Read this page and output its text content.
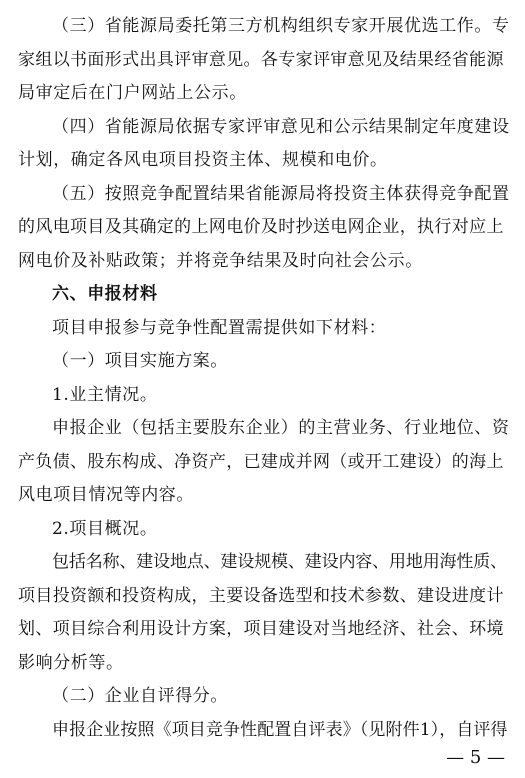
（三）省能源局委托第三方机构组织专家开展优选工作。专
家组以书面形式出具评审意见。各专家评审意见及结果经省能源
局审定后在门户网站上公示。
（四）省能源局依据专家评审意见和公示结果制定年度建设
计划，确定各风电项目投资主体、规模和电价。
（五）按照竞争配置结果省能源局将投资主体获得竞争配置
的风电项目及其确定的上网电价及时抄送电网企业，执行对应上
网电价及补贴政策；并将竞争结果及时向社会公示。
六、申报材料
项目申报参与竞争性配置需提供如下材料：
（一）项目实施方案。
1.业主情况。
申报企业（包括主要股东企业）的主营业务、行业地位、资
产负债、股东构成、净资产，已建成并网（或开工建设）的海上
风电项目情况等内容。
2.项目概况。
包括名称、建设地点、建设规模、建设内容、用地用海性质、
项目投资额和投资构成，主要设备选型和技术参数、建设进度计
划、项目综合利用设计方案，项目建设对当地经济、社会、环境
影响分析等。
（二）企业自评得分。
申报企业按照《项目竞争性配置自评表》（见附件1），自评得
— 5 —
